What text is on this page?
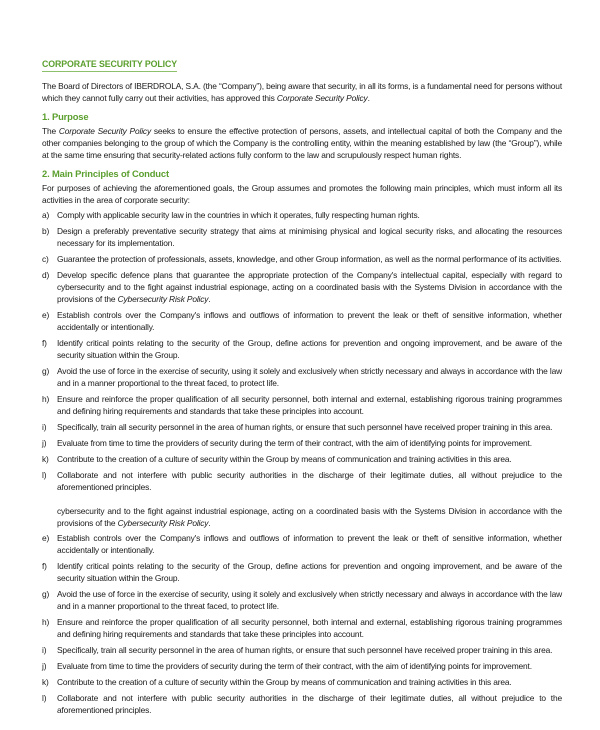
CORPORATE SECURITY POLICY

The Board of Directors of IBERDROLA, S.A. (the “Company”), being aware that security, in all its forms, is a fundamental need for persons without which they cannot fully carry out their activities, has approved this Corporate Security Policy.

1. Purpose

The Corporate Security Policy seeks to ensure the effective protection of persons, assets, and intellectual capital of both the Company and the other companies belonging to the group of which the Company is the controlling entity, within the meaning established by law (the “Group”), while at the same time ensuring that security-related actions fully conform to the law and scrupulously respect human rights.

2. Main Principles of Conduct

For purposes of achieving the aforementioned goals, the Group assumes and promotes the following main principles, which must inform all its activities in the area of corporate security:

a) Comply with applicable security law in the countries in which it operates, fully respecting human rights.
b) Design a preferably preventative security strategy that aims at minimising physical and logical security risks, and allocating the resources necessary for its implementation.
c) Guarantee the protection of professionals, assets, knowledge, and other Group information, as well as the normal performance of its activities.
d) Develop specific defence plans that guarantee the appropriate protection of the Company's intellectual capital, especially with regard to cybersecurity and to the fight against industrial espionage, acting on a coordinated basis with the Systems Division in accordance with the provisions of the Cybersecurity Risk Policy.
e) Establish controls over the Company's inflows and outflows of information to prevent the leak or theft of sensitive information, whether accidentally or intentionally.
f)	Identify critical points relating to the security of the Group, define actions for prevention and ongoing improvement, and be aware of the security situation within the Group.
g) Avoid the use of force in the exercise of security, using it solely and exclusively when strictly necessary and always in accordance with the law and in a manner proportional to the threat faced, to protect life.
h) Ensure and reinforce the proper qualification of all security personnel, both internal and external, establishing rigorous training programmes and defining hiring requirements and standards that take these principles into account.
i)	Specifically, train all security personnel in the area of human rights, or ensure that such personnel have received proper training in this area.
j)	Evaluate from time to time the providers of security during the term of their contract, with the aim of identifying points for improvement.
k) Contribute to the creation of a culture of security within the Group by means of communication and training activities in this area.
l)	Collaborate and not interfere with public security authorities in the discharge of their legitimate duties, all without prejudice to the aforementioned principles.

cybersecurity and to the fight against industrial espionage, acting on a coordinated basis with the Systems Division in accordance with the provisions of the Cybersecurity Risk Policy.

e) Establish controls over the Company's inflows and outflows of information to prevent the leak or theft of sensitive information, whether accidentally or intentionally.
f)	Identify critical points relating to the security of the Group, define actions for prevention and ongoing improvement, and be aware of the security situation within the Group.
g) Avoid the use of force in the exercise of security, using it solely and exclusively when strictly necessary and always in accordance with the law and in a manner proportional to the threat faced, to protect life.
h) Ensure and reinforce the proper qualification of all security personnel, both internal and external, establishing rigorous training programmes and defining hiring requirements and standards that take these principles into account.
i)	Specifically, train all security personnel in the area of human rights, or ensure that such personnel have received proper training in this area.
j)	Evaluate from time to time the providers of security during the term of their contract, with the aim of identifying points for improvement.
k) Contribute to the creation of a culture of security within the Group by means of communication and training activities in this area.
l)	Collaborate and not interfere with public security authorities in the discharge of their legitimate duties, all without prejudice to the aforementioned principles.
